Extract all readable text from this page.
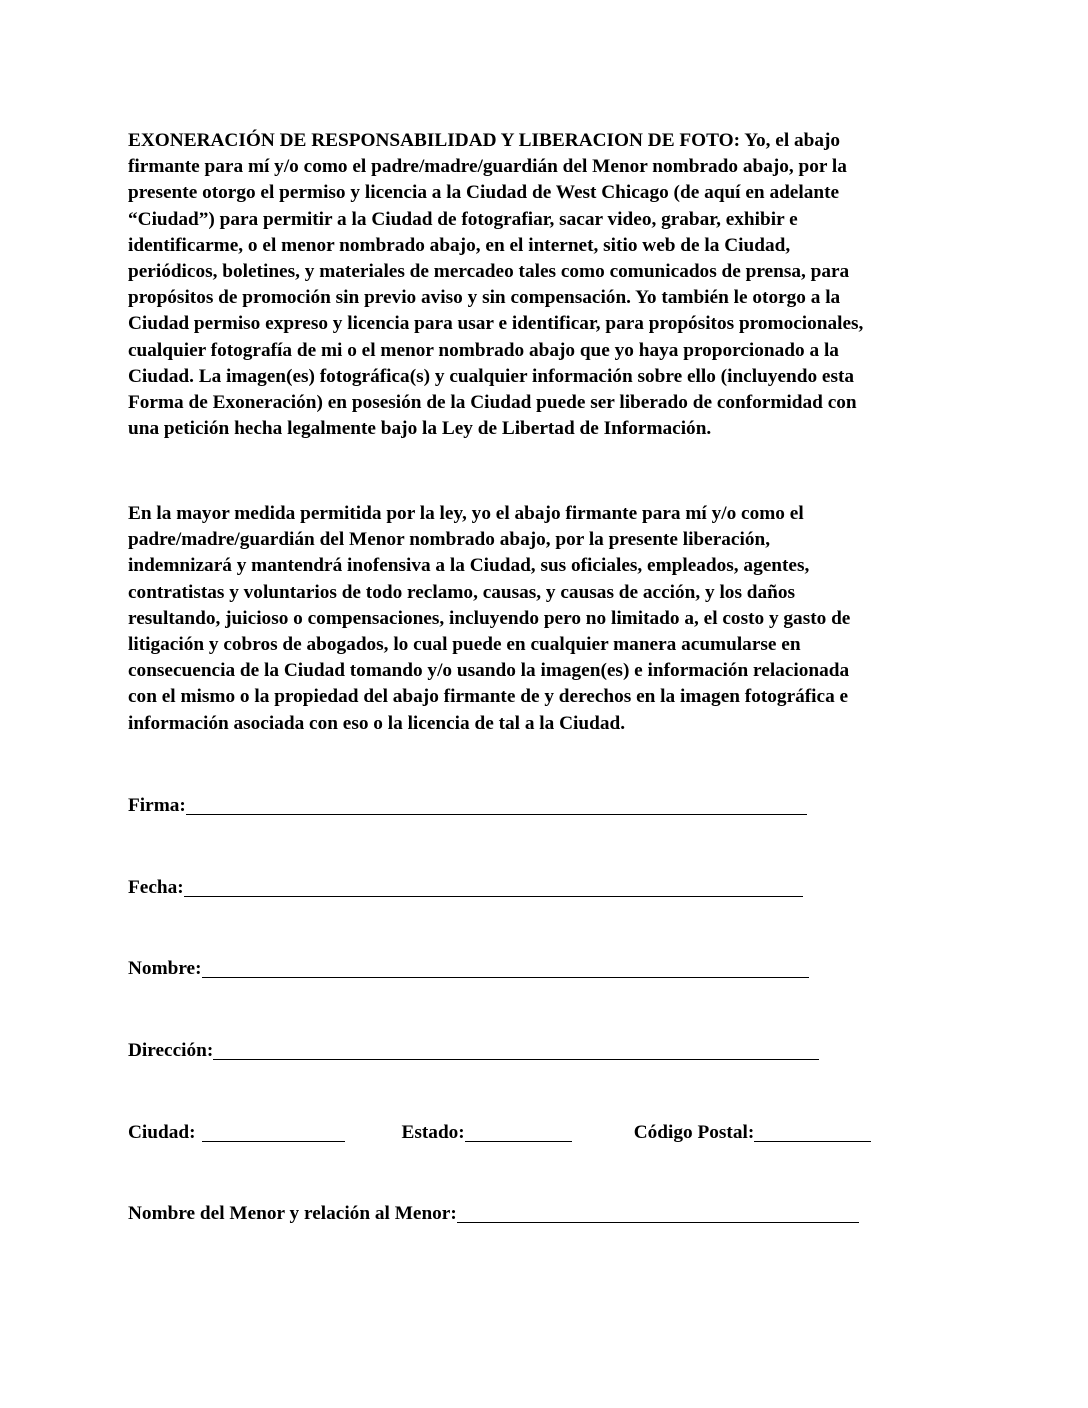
EXONERACIÓN DE RESPONSABILIDAD Y LIBERACION DE FOTO: Yo, el abajo
firmante para mí y/o como el padre/madre/guardián del Menor nombrado abajo, por la
presente otorgo el permiso y licencia a la Ciudad de West Chicago (de aquí en adelante
“Ciudad”) para permitir a la Ciudad de fotografiar, sacar video, grabar, exhibir e
identificarme, o el menor nombrado abajo, en el internet, sitio web de la Ciudad,
periódicos, boletines, y materiales de mercadeo tales como comunicados de prensa, para
propósitos de promoción sin previo aviso y sin compensación. Yo también le otorgo a la
Ciudad permiso expreso y licencia para usar e identificar, para propósitos promocionales,
cualquier fotografía de mi o el menor nombrado abajo que yo haya proporcionado a la
Ciudad. La imagen(es) fotográfica(s) y cualquier información sobre ello (incluyendo esta
Forma de Exoneración) en posesión de la Ciudad puede ser liberado de conformidad con
una petición hecha legalmente bajo la Ley de Libertad de Información.

En la mayor medida permitida por la ley, yo el abajo firmante para mí y/o como el
padre/madre/guardián del Menor nombrado abajo, por la presente liberación,
indemnizará y mantendrá inofensiva a la Ciudad, sus oficiales, empleados, agentes,
contratistas y voluntarios de todo reclamo, causas, y causas de acción, y los daños
resultando, juicioso o compensaciones, incluyendo pero no limitado a, el costo y gasto de
litigación y cobros de abogados, lo cual puede en cualquier manera acumularse en
consecuencia de la Ciudad tomando y/o usando la imagen(es) e información relacionada
con el mismo o la propiedad del abajo firmante de y derechos en la imagen fotográfica e
información asociada con eso o la licencia de tal a la Ciudad.

Firma:
Fecha:
Nombre:
Dirección:
Ciudad:	Estado:	Código Postal:
Nombre del Menor y relación al Menor:
